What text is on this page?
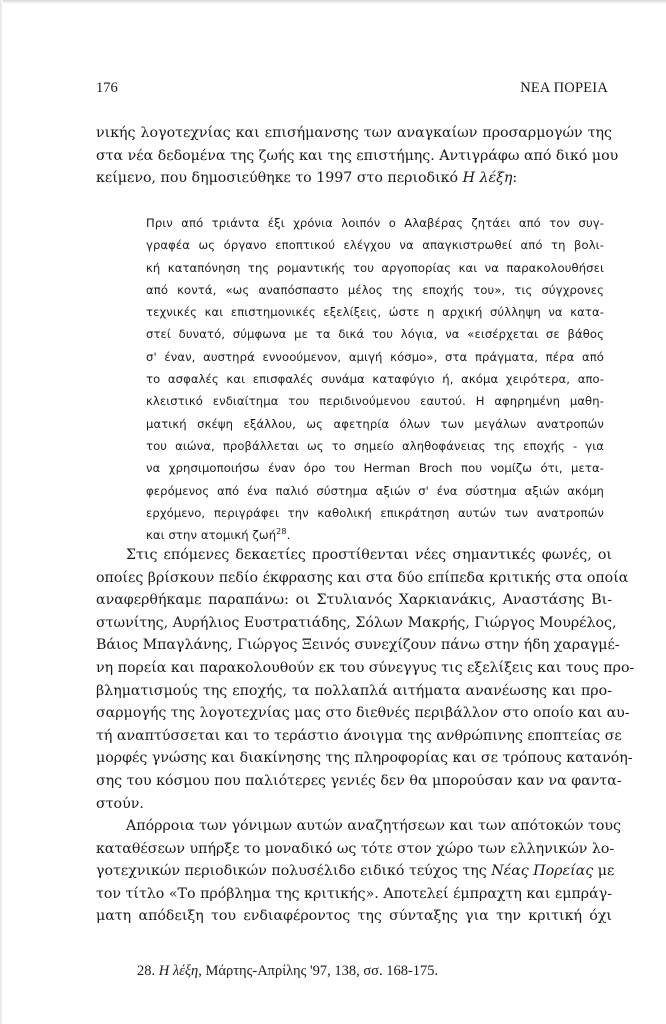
176	ΝΕΑ ΠΟΡΕΙΑ
νικής λογοτεχνίας και επισήμανσης των αναγκαίων προσαρμογών της
στα νέα δεδομένα της ζωής και της επιστήμης. Αντιγράφω από δικό μου
κείμενο, που δημοσιεύθηκε το 1997 στο περιοδικό Η λέξη:
Πριν από τριάντα έξι χρόνια λοιπόν ο Αλαβέρας ζητάει από τον συγ-
γραφέα ως όργανο εποπτικού ελέγχου να απαγκιστρωθεί από τη βολι-
κή καταπόνηση της ρομαντικής του αργοπορίας και να παρακολουθήσει
από κοντά, «ως αναπόσπαστο μέλος της εποχής του», τις σύγχρονες
τεχνικές και επιστημονικές εξελίξεις, ώστε η αρχική σύλληψη να κατα-
στεί δυνατό, σύμφωνα με τα δικά του λόγια, να «εισέρχεται σε βάθος
σ' έναν, αυστηρά εννοούμενον, αμιγή κόσμο», στα πράγματα, πέρα από
το ασφαλές και επισφαλές συνάμα καταφύγιο ή, ακόμα χειρότερα, απο-
κλειστικό ενδιαίτημα του περιδινούμενου εαυτού. Η αφηρημένη μαθη-
ματική σκέψη εξάλλου, ως αφετηρία όλων των μεγάλων ανατροπών
του αιώνα, προβάλλεται ως το σημείο αληθοφάνειας της εποχής - για
να χρησιμοποιήσω έναν όρο του Herman Broch που νομίζω ότι, μετα-
φερόμενος από ένα παλιό σύστημα αξιών σ' ένα σύστημα αξιών ακόμη
ερχόμενο, περιγράφει την καθολική επικράτηση αυτών των ανατροπών
και στην ατομική ζωή$^{28}$.
Στις επόμενες δεκαετίες προστίθενται νέες σημαντικές φωνές, οι
οποίες βρίσκουν πεδίο έκφρασης και στα δύο επίπεδα κριτικής στα οποία
αναφερθήκαμε παραπάνω: οι Στυλιανός Χαρκιανάκις, Αναστάσης Βι-
στωνίτης, Αυρήλιος Ευστρατιάδης, Σόλων Μακρής, Γιώργος Μουρέλος,
Βάιος Μπαγλάνης, Γιώργος Ξεινός συνεχίζουν πάνω στην ήδη χαραγμέ-
νη πορεία και παρακολουθούν εκ του σύνεγγυς τις εξελίξεις και τους προ-
βληματισμούς της εποχής, τα πολλαπλά αιτήματα ανανέωσης και προ-
σαρμογής της λογοτεχνίας μας στο διεθνές περιβάλλον στο οποίο και αυ-
τή αναπτύσσεται και το τεράστιο άνοιγμα της ανθρώπινης εποπτείας σε
μορφές γνώσης και διακίνησης της πληροφορίας και σε τρόπους κατανόη-
σης του κόσμου που παλιότερες γενιές δεν θα μπορούσαν καν να φαντα-
στούν.
Απόρροια των γόνιμων αυτών αναζητήσεων και των απότοκών τους
καταθέσεων υπήρξε το μοναδικό ως τότε στον χώρο των ελληνικών λο-
γοτεχνικών περιοδικών πολυσέλιδο ειδικό τεύχος της Νέας Πορείας με
τον τίτλο «Το πρόβλημα της κριτικής». Αποτελεί έμπραχτη και εμπράγ-
ματη απόδειξη του ενδιαφέροντος της σύνταξης για την κριτική όχι
28. Η λέξη, Μάρτης-Απρίλης '97, 138, σσ. 168-175.
